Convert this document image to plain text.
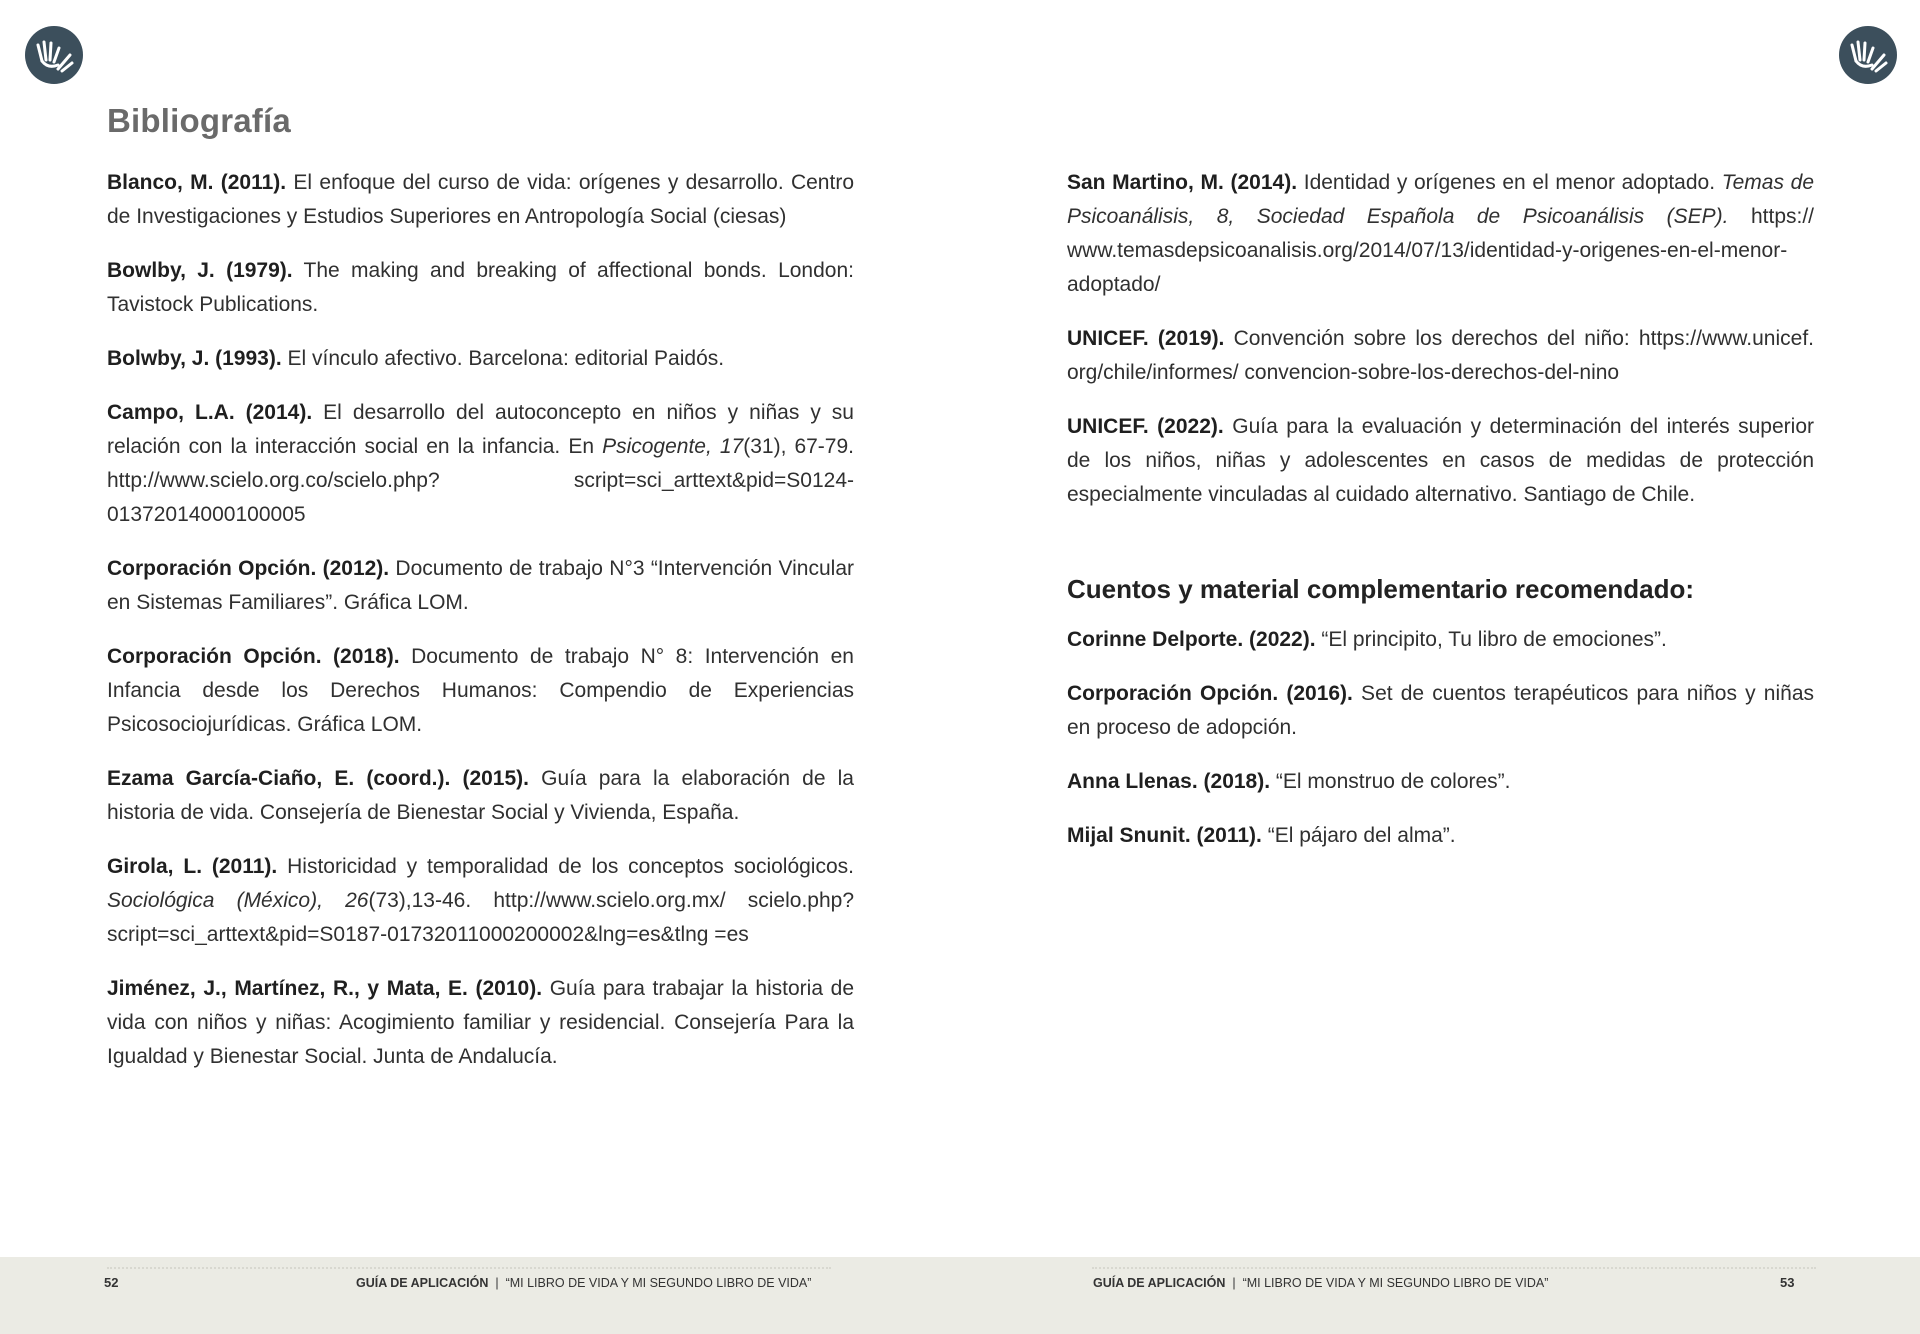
Bibliografía

Blanco, M. (2011). El enfoque del curso de vida: orígenes y desarrollo. Centro de Investigaciones y Estudios Superiores en Antropología Social (ciesas)

Bowlby, J. (1979). The making and breaking of affectional bonds. London: Tavistock Publications.

Bolwby, J. (1993). El vínculo afectivo. Barcelona: editorial Paidós.

Campo, L.A. (2014). El desarrollo del autoconcepto en niños y niñas y su relación con la interacción social en la infancia. En Psicogente, 17(31), 67-79. http://www.scielo.org.co/scielo.php? script=sci_arttext&pid=S0124-01372014000100005

Corporación Opción. (2012). Documento de trabajo N°3 “Intervención Vincular en Sistemas Familiares”. Gráfica LOM.

Corporación Opción. (2018). Documento de trabajo N° 8: Intervención en Infancia desde los Derechos Humanos: Compendio de Experiencias Psicosociojurídicas. Gráfica LOM.

Ezama García-Ciaño, E. (coord.). (2015). Guía para la elaboración de la historia de vida. Consejería de Bienestar Social y Vivienda, España.

Girola, L. (2011). Historicidad y temporalidad de los conceptos sociológicos. Sociológica (México), 26(73),13-46. http://www.scielo.org.mx/ scielo.php?script=sci_arttext&pid=S0187-01732011000200002&lng=es&tlng =es

Jiménez, J., Martínez, R., y Mata, E. (2010). Guía para trabajar la historia de vida con niños y niñas: Acogimiento familiar y residencial. Consejería Para la Igualdad y Bienestar Social. Junta de Andalucía.

San Martino, M. (2014). Identidad y orígenes en el menor adoptado. Temas de Psicoanálisis, 8, Sociedad Española de Psicoanálisis (SEP). https:// www.temasdepsicoanalisis.org/2014/07/13/identidad-y-origenes-en-el-menor-adoptado/

UNICEF. (2019). Convención sobre los derechos del niño: https://www.unicef. org/chile/informes/ convencion-sobre-los-derechos-del-nino

UNICEF. (2022). Guía para la evaluación y determinación del interés superior de los niños, niñas y adolescentes en casos de medidas de protección especialmente vinculadas al cuidado alternativo. Santiago de Chile.

Cuentos y material complementario recomendado:

Corinne Delporte. (2022). “El principito, Tu libro de emociones”.

Corporación Opción. (2016). Set de cuentos terapéuticos para niños y niñas en proceso de adopción.

Anna Llenas. (2018). “El monstruo de colores”.

Mijal Snunit. (2011). “El pájaro del alma”.

52	GUÍA DE APLICACIÓN | “MI LIBRO DE VIDA Y MI SEGUNDO LIBRO DE VIDA”	GUÍA DE APLICACIÓN | “MI LIBRO DE VIDA Y MI SEGUNDO LIBRO DE VIDA”	53
